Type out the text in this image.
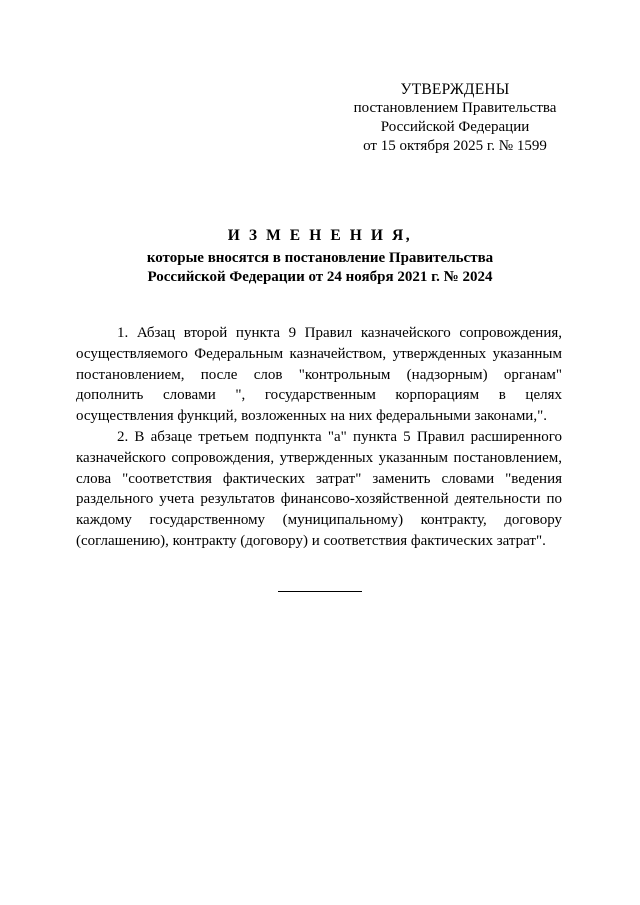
УТВЕРЖДЕНЫ
постановлением Правительства
Российской Федерации
от 15 октября 2025 г. № 1599
И З М Е Н Е Н И Я,
которые вносятся в постановление Правительства
Российской Федерации от 24 ноября 2021 г. № 2024

1. Абзац второй пункта 9 Правил казначейского сопровождения, осуществляемого Федеральным казначейством, утвержденных указанным постановлением, после слов "контрольным (надзорным) органам" дополнить словами ", государственным корпорациям в целях осуществления функций, возложенных на них федеральными законами,".

2. В абзаце третьем подпункта "а" пункта 5 Правил расширенного казначейского сопровождения, утвержденных указанным постановлением, слова "соответствия фактических затрат" заменить словами "ведения раздельного учета результатов финансово-хозяйственной деятельности по каждому государственному (муниципальному) контракту, договору (соглашению), контракту (договору) и соответствия фактических затрат".
